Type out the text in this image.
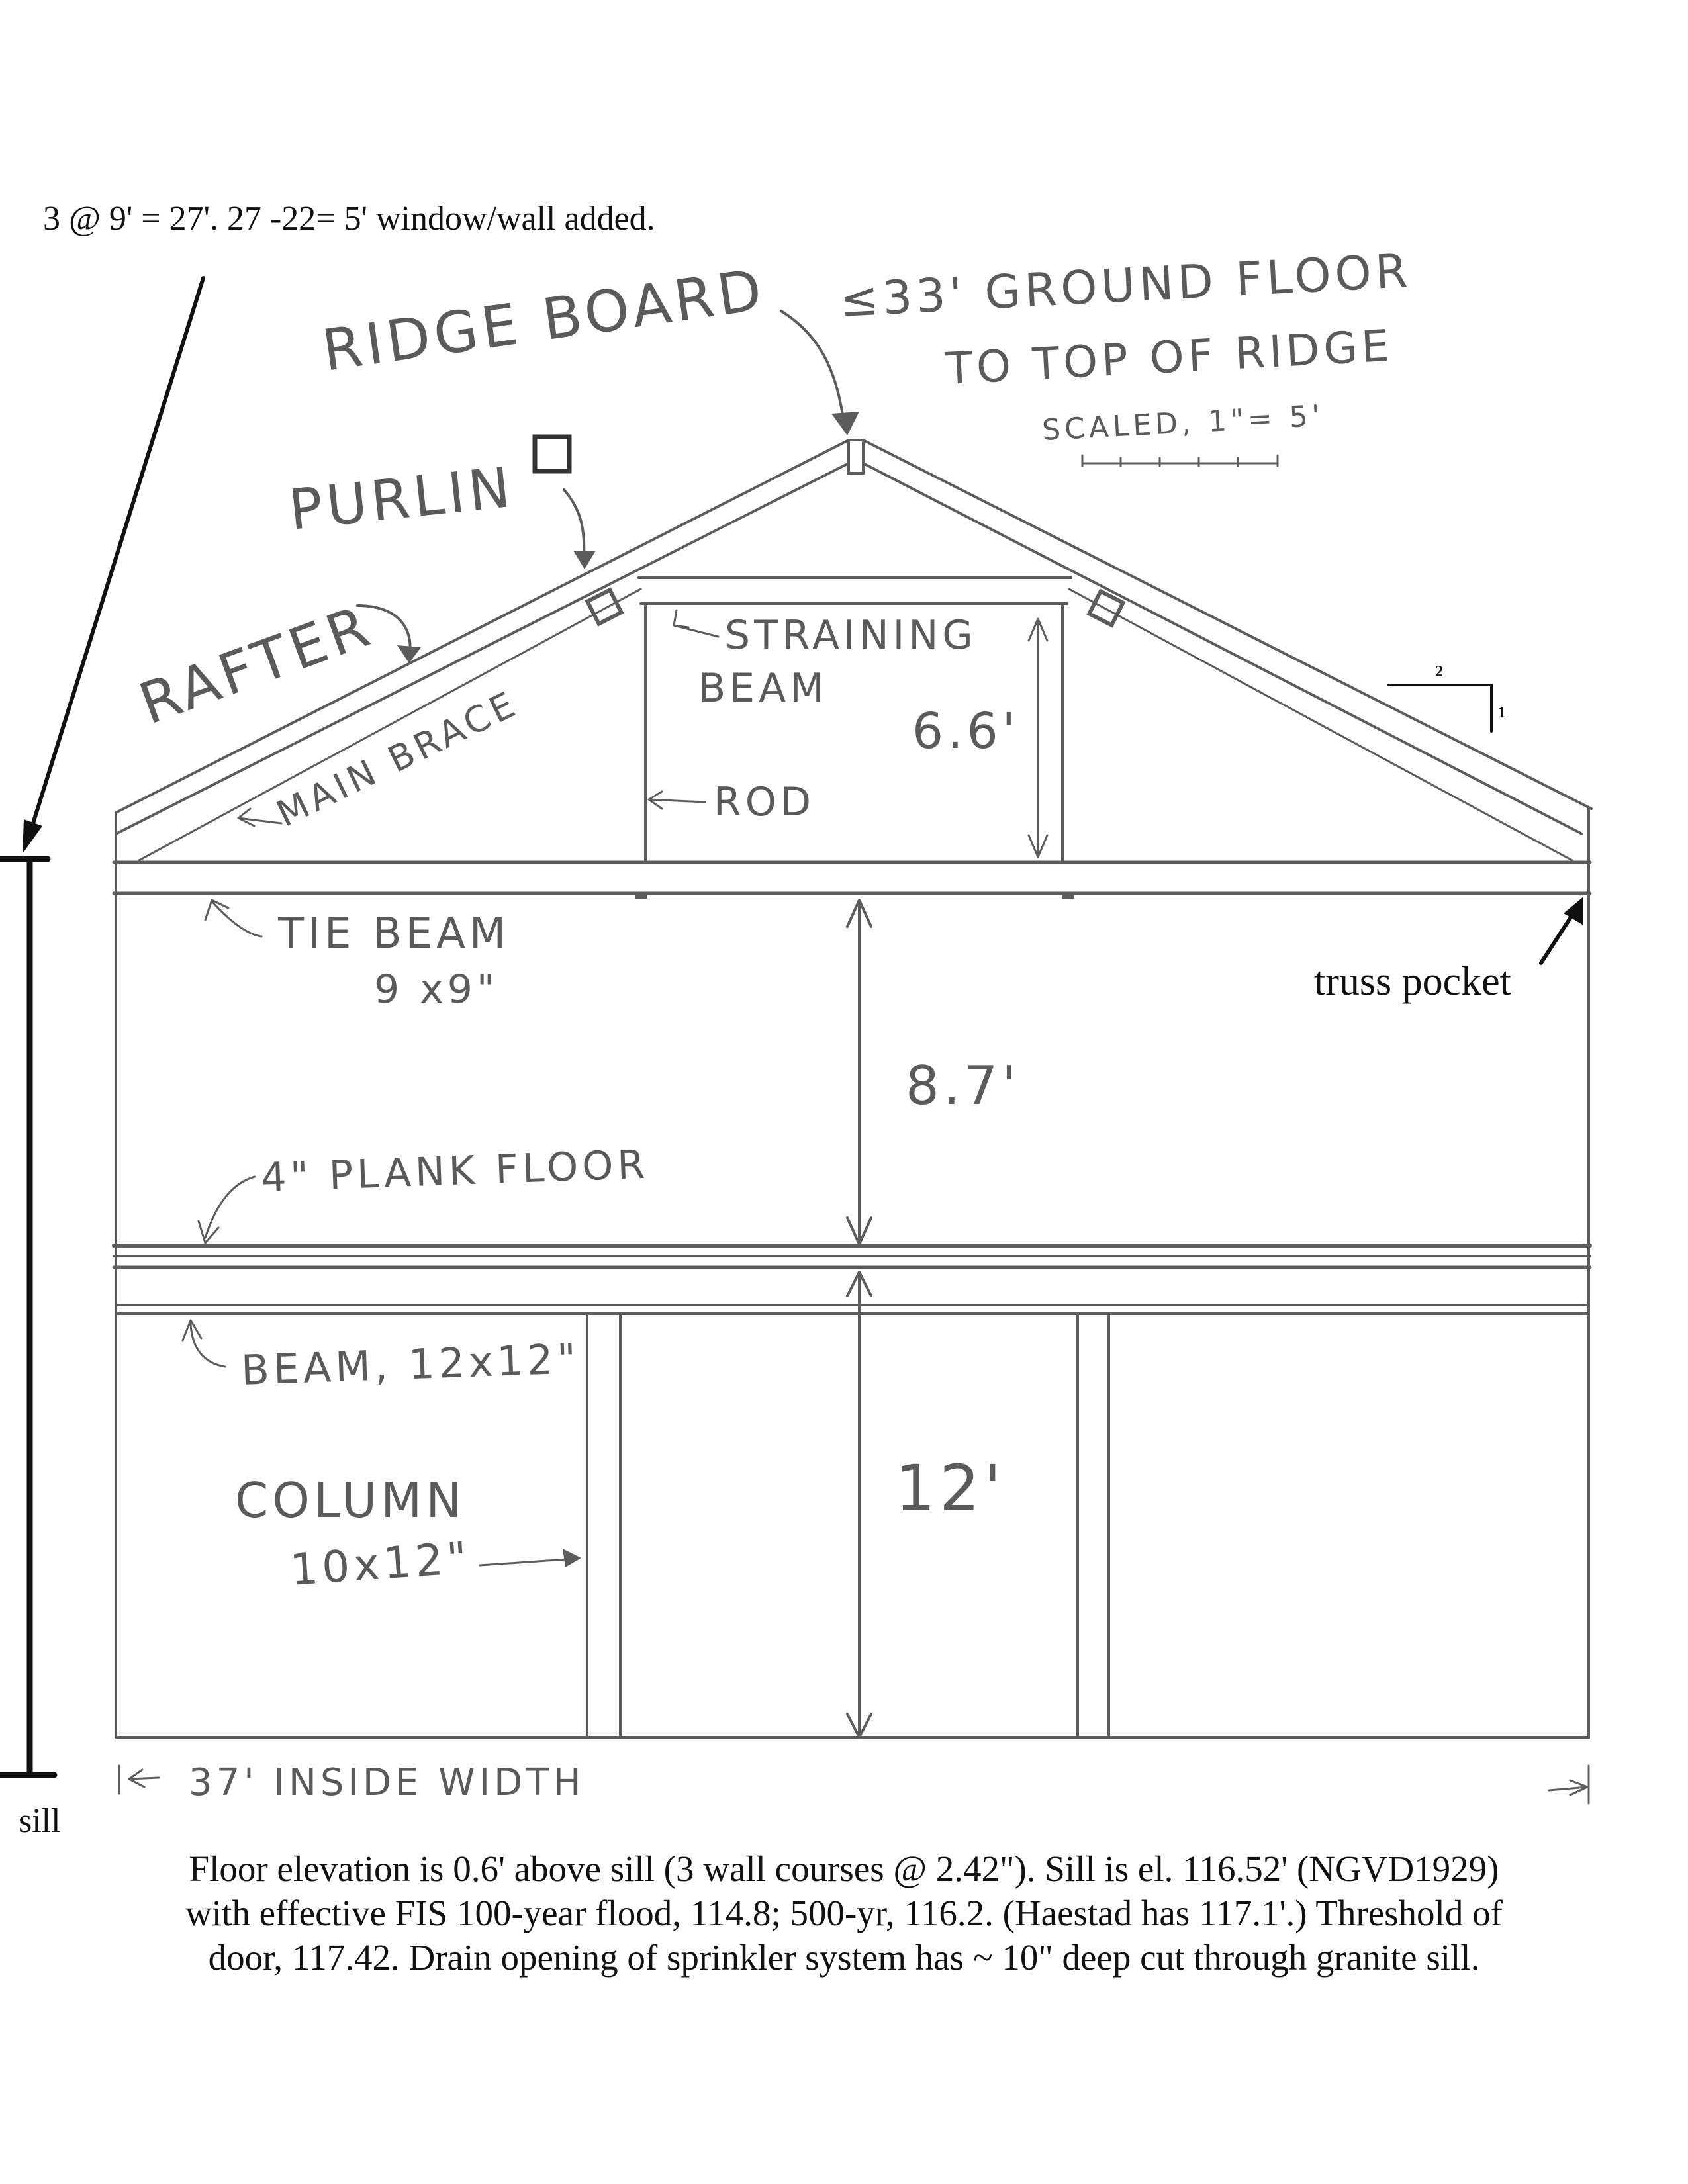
3 @ 9' = 27'. 27 -22= 5' window/wall added.
sill
6.6'
8.7'
12'
37' INSIDE WIDTH
2
1
RIDGE BOARD ≤33' GROUND FLOOR
TO TOP OF RIDGE
SCALED, 1"= 5'
PURLIN
RAFTER
MAIN BRACE
STRAINING
BEAM
ROD
TIE BEAM
9 x9"	truss pocket
4" PLANK FLOOR
BEAM, 12x12"
COLUMN
10x12"
Floor elevation is 0.6' above sill (3 wall courses @ 2.42"). Sill is el. 116.52' (NGVD1929)
with effective FIS 100-year flood, 114.8; 500-yr, 116.2. (Haestad has 117.1'.) Threshold of
door, 117.42. Drain opening of sprinkler system has ~ 10" deep cut through granite sill.
